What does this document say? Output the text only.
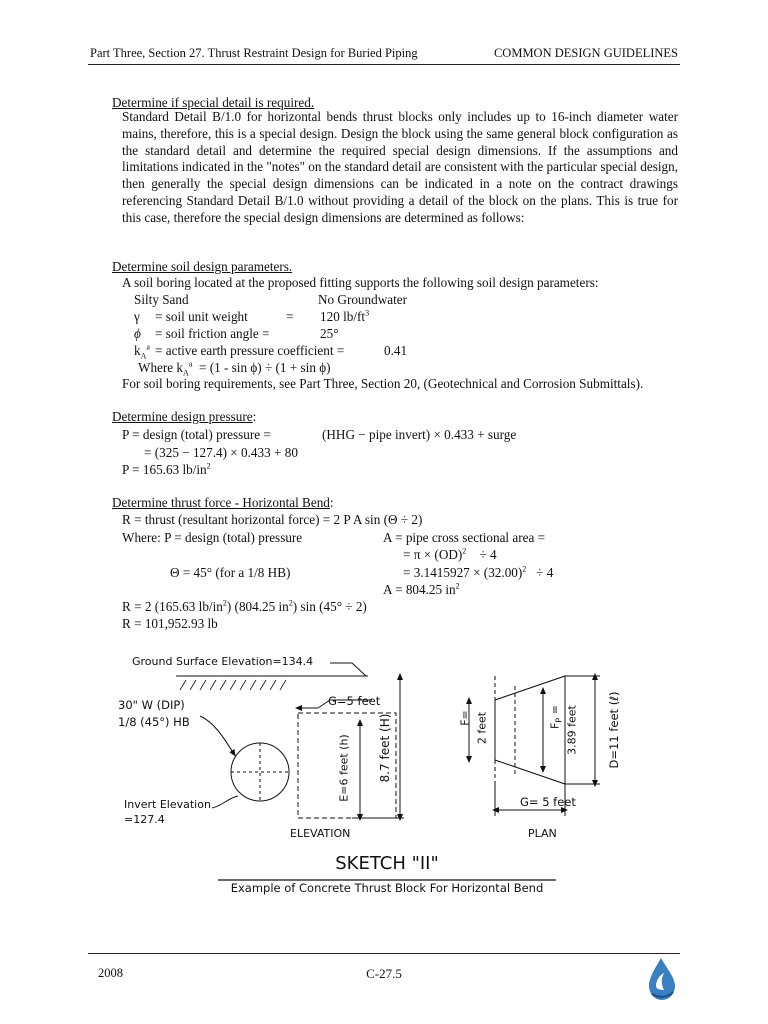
Part Three, Section 27. Thrust Restraint Design for Buried Piping	COMMON DESIGN GUIDELINES
Determine if special detail is required.
Standard Detail B/1.0 for horizontal bends thrust blocks only includes up to 16-inch diameter water mains, therefore, this is a special design. Design the block using the same general block configuration as the standard detail and determine the required special design dimensions. If the assumptions and limitations indicated in the "notes" on the standard detail are consistent with the particular special design, then generally the special design dimensions can be indicated in a note on the contract drawings referencing Standard Detail B/1.0 without providing a detail of the block on the plans. This is true for this case, therefore the special design dimensions are determined as follows:
Determine soil design parameters.
A soil boring located at the proposed fitting supports the following soil design parameters:
Silty Sand	No Groundwater
γ = soil unit weight	= 120 $lb/ft^3$
ϕ = soil friction angle =	25°
$k_A^a$ = active earth pressure coefficient =	0.41
Where $k_A^a = (1 - \sin \phi) \div (1 + \sin \phi)$
For soil boring requirements, see Part Three, Section 20, (Geotechnical and Corrosion Submittals).
Determine design pressure:
P = design (total) pressure =	(HHG − pipe invert) × 0.433 + surge
= (325 − 127.4) × 0.433 + 80
P = 165.63 $lb/in^2$
Determine thrust force - Horizontal Bend:
R = thrust (resultant horizontal force) = 2 P A sin (Θ ÷ 2)
Where: P = design (total) pressure	A = pipe cross sectional area =
= π × (OD)$^2$ ÷ 4
Θ = 45° (for a 1/8 HB)	= $3.1415927 \times (32.00)^2 \div 4$
A = 804.25 $in^2$
R = 2 (165.63 $lb/in^2$) (804.25 $in^2$) sin (45° ÷ 2)
R = 101,952.93 lb
Ground Surface Elevation=134.4
30" W (DIP)
1/8 (45°) HB
Invert Elevation
=127.4
G=5 feet
E=6 feet (h) 8.7 feet (H)
ELEVATION
F= 2 feet	$F_P = 3.89$ feet D=11 feet (ℓ)
G= 5 feet
PLAN
SKETCH "II"
Example of Concrete Thrust Block For Horizontal Bend
2008	C-27.5
